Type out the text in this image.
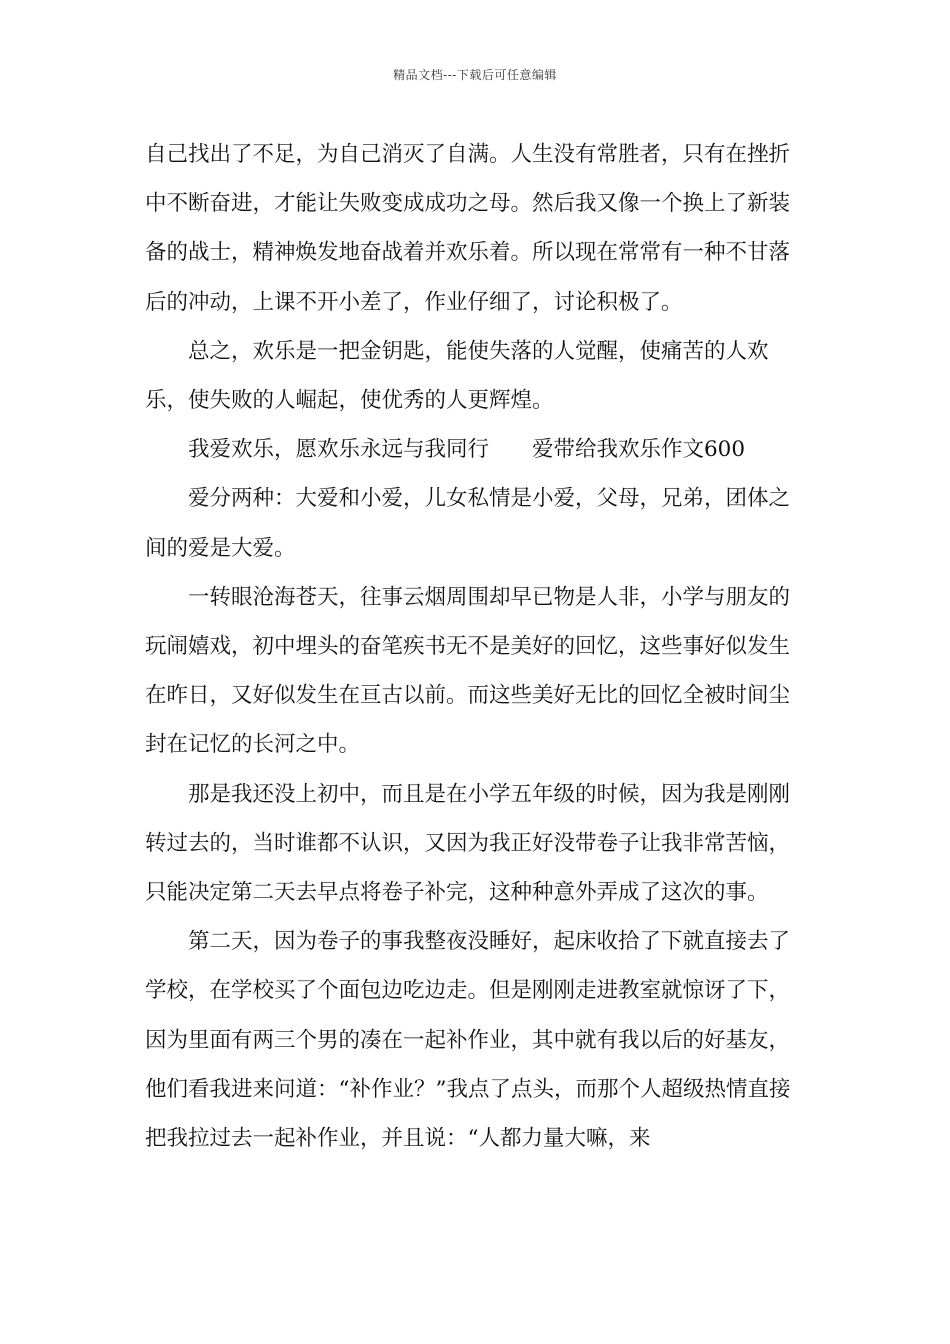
精品文档---下载后可任意编辑

自己找出了不足，为自己消灭了自满。人生没有常胜者，只有在挫折中不断奋进，才能让失败变成成功之母。然后我又像一个换上了新装备的战士，精神焕发地奋战着并欢乐着。所以现在常常有一种不甘落后的冲动，上课不开小差了，作业仔细了，讨论积极了。

总之，欢乐是一把金钥匙，能使失落的人觉醒，使痛苦的人欢乐，使失败的人崛起，使优秀的人更辉煌。

我爱欢乐，愿欢乐永远与我同行　　爱带给我欢乐作文600

爱分两种：大爱和小爱，儿女私情是小爱，父母，兄弟，团体之间的爱是大爱。

一转眼沧海苍天，往事云烟周围却早已物是人非，小学与朋友的玩闹嬉戏，初中埋头的奋笔疾书无不是美好的回忆，这些事好似发生在昨日，又好似发生在亘古以前。而这些美好无比的回忆全被时间尘封在记忆的长河之中。

那是我还没上初中，而且是在小学五年级的时候，因为我是刚刚转过去的，当时谁都不认识，又因为我正好没带卷子让我非常苦恼，只能决定第二天去早点将卷子补完，这种种意外弄成了这次的事。

第二天，因为卷子的事我整夜没睡好，起床收拾了下就直接去了学校，在学校买了个面包边吃边走。但是刚刚走进教室就惊讶了下，因为里面有两三个男的凑在一起补作业，其中就有我以后的好基友，他们看我进来问道：“补作业？”我点了点头，而那个人超级热情直接把我拉过去一起补作业，并且说：“人都力量大嘛，来
